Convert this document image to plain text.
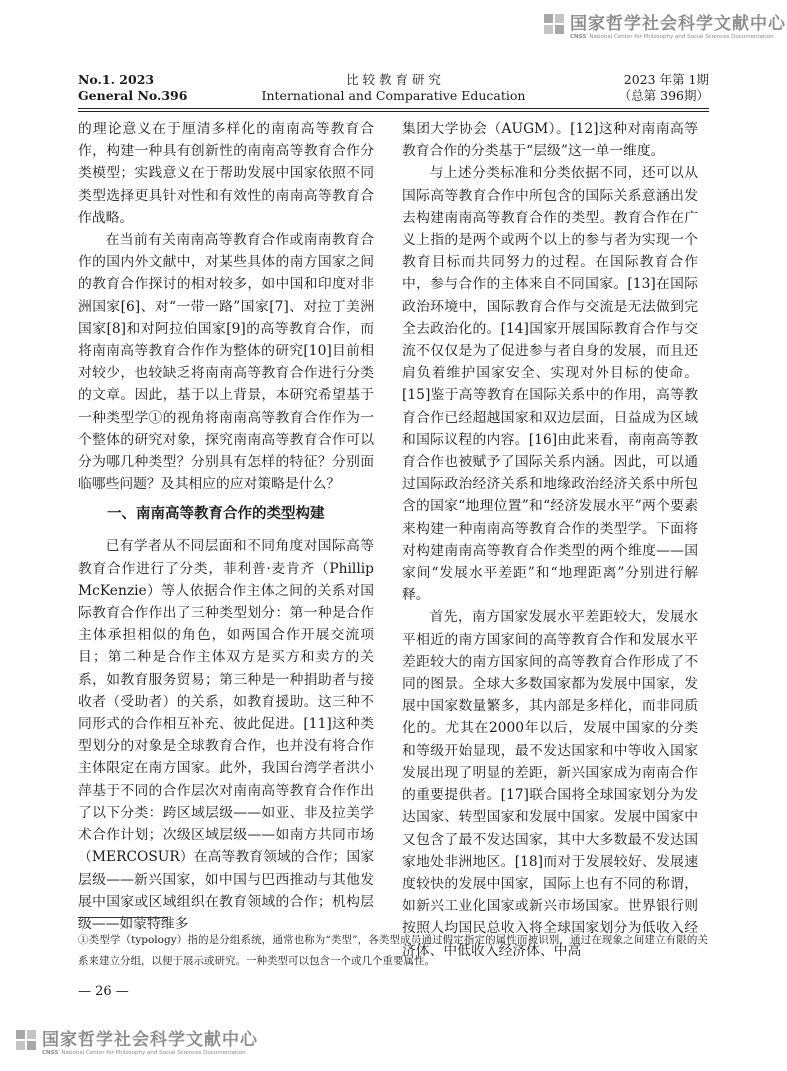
国家哲学社会科学文献中心
CNSS National Center for Philosophy and Social Sciences Documentation
No.1. 2023
General No.396
比 较 教 育 研 究
International and Comparative Education
2023 年第 1期
（总第 396期）

的理论意义在于厘清多样化的南南高等教育合作，构建一种具有创新性的南南高等教育合作分类模型；实践意义在于帮助发展中国家依照不同类型选择更具针对性和有效性的南南高等教育合作战略。

在当前有关南南高等教育合作或南南教育合作的国内外文献中，对某些具体的南方国家之间的教育合作探讨的相对较多，如中国和印度对非洲国家[6]、对“一带一路”国家[7]、对拉丁美洲国家[8]和对阿拉伯国家[9]的高等教育合作，而将南南高等教育合作作为整体的研究[10]目前相对较少，也较缺乏将南南高等教育合作进行分类的文章。因此，基于以上背景，本研究希望基于一种类型学①的视角将南南高等教育合作作为一个整体的研究对象，探究南南高等教育合作可以分为哪几种类型？分别具有怎样的特征？分别面临哪些问题？及其相应的应对策略是什么？

一、南南高等教育合作的类型构建

已有学者从不同层面和不同角度对国际高等教育合作进行了分类，菲利普·麦肯齐（Phillip McKenzie）等人依据合作主体之间的关系对国际教育合作作出了三种类型划分：第一种是合作主体承担相似的角色，如两国合作开展交流项目；第二种是合作主体双方是买方和卖方的关系，如教育服务贸易；第三种是一种捐助者与接收者（受助者）的关系，如教育援助。这三种不同形式的合作相互补充、彼此促进。[11]这种类型划分的对象是全球教育合作，也并没有将合作主体限定在南方国家。此外，我国台湾学者洪小萍基于不同的合作层次对南南高等教育合作作出了以下分类：跨区域层级——如亚、非及拉美学术合作计划；次级区域层级——如南方共同市场（MERCOSUR）在高等教育领域的合作；国家层级——新兴国家，如中国与巴西推动与其他发展中国家或区域组织在教育领域的合作；机构层级——如蒙特维多

集团大学协会（AUGM）。[12]这种对南南高等教育合作的分类基于“层级”这一单一维度。

与上述分类标准和分类依据不同，还可以从国际高等教育合作中所包含的国际关系意涵出发去构建南南高等教育合作的类型。教育合作在广义上指的是两个或两个以上的参与者为实现一个教育目标而共同努力的过程。在国际教育合作中，参与合作的主体来自不同国家。[13]在国际政治环境中，国际教育合作与交流是无法做到完全去政治化的。[14]国家开展国际教育合作与交流不仅仅是为了促进参与者自身的发展，而且还肩负着维护国家安全、实现对外目标的使命。[15]鉴于高等教育在国际关系中的作用，高等教育合作已经超越国家和双边层面，日益成为区域和国际议程的内容。[16]由此来看，南南高等教育合作也被赋予了国际关系内涵。因此，可以通过国际政治经济关系和地缘政治经济关系中所包含的国家“地理位置”和“经济发展水平”两个要素来构建一种南南高等教育合作的类型学。下面将对构建南南高等教育合作类型的两个维度——国家间“发展水平差距”和“地理距离”分别进行解释。

首先，南方国家发展水平差距较大，发展水平相近的南方国家间的高等教育合作和发展水平差距较大的南方国家间的高等教育合作形成了不同的图景。全球大多数国家都为发展中国家，发展中国家数量繁多，其内部是多样化，而非同质化的。尤其在2000年以后，发展中国家的分类和等级开始显现，最不发达国家和中等收入国家发展出现了明显的差距，新兴国家成为南南合作的重要提供者。[17]联合国将全球国家划分为发达国家、转型国家和发展中国家。发展中国家中又包含了最不发达国家，其中大多数最不发达国家地处非洲地区。[18]而对于发展较好、发展速度较快的发展中国家，国际上也有不同的称谓，如新兴工业化国家或新兴市场国家。世界银行则按照人均国民总收入将全球国家划分为低收入经济体、中低收入经济体、中高

①类型学（typology）指的是分组系统，通常也称为“类型”，各类型成员通过假定指定的属性而被识别，通过在现象之间建立有限的关系来建立分组，以便于展示或研究。一种类型可以包含一个或几个重要属性。
— 26 —
国家哲学社会科学文献中心
CNSS National Center for Philosophy and Social Sciences Documentation
